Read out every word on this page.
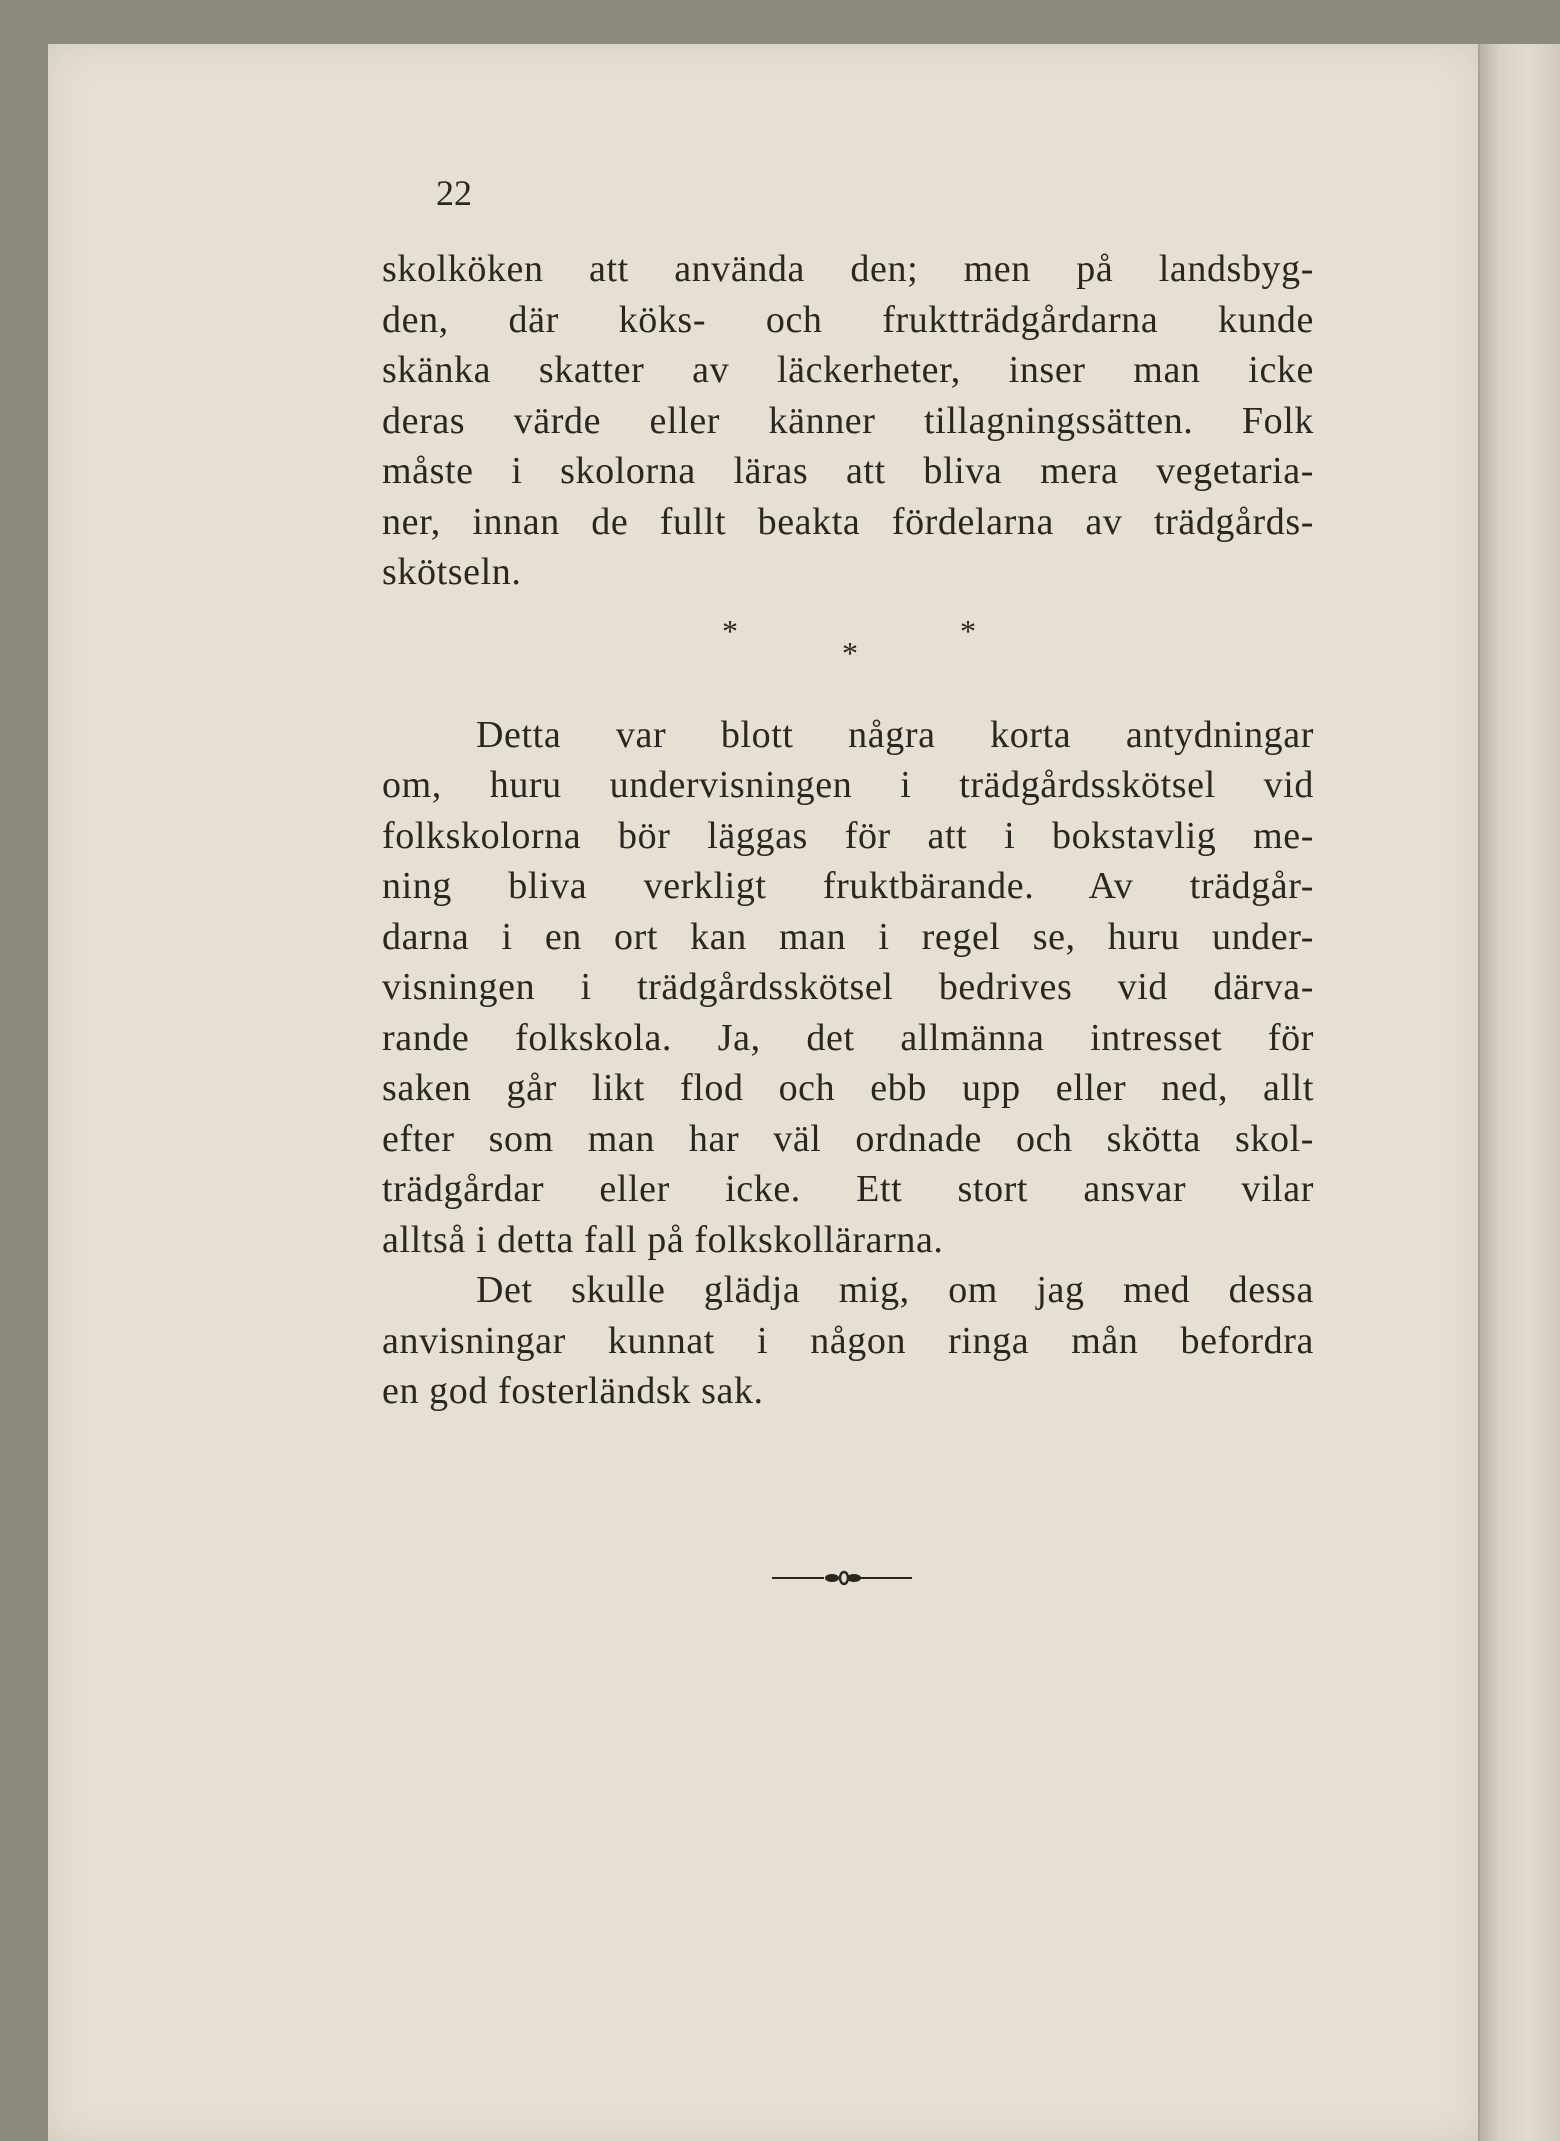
22
skolköken att använda den; men på landsbyg-
den, där köks- och fruktträdgårdarna kunde
skänka skatter av läckerheter, inser man icke
deras värde eller känner tillagningssätten. Folk
måste i skolorna läras att bliva mera vegetaria-
ner, innan de fullt beakta fördelarna av trädgårds-
skötseln.
*	*
*
Detta var blott några korta antydningar
om, huru undervisningen i trädgårdsskötsel vid
folkskolorna bör läggas för att i bokstavlig me-
ning bliva verkligt fruktbärande. Av trädgår-
darna i en ort kan man i regel se, huru under-
visningen i trädgårdsskötsel bedrives vid därva-
rande folkskola. Ja, det allmänna intresset för
saken går likt flod och ebb upp eller ned, allt
efter som man har väl ordnade och skötta skol-
trädgårdar eller icke. Ett stort ansvar vilar
alltså i detta fall på folkskollärarna.
Det skulle glädja mig, om jag med dessa
anvisningar kunnat i någon ringa mån befordra
en god fosterländsk sak.
